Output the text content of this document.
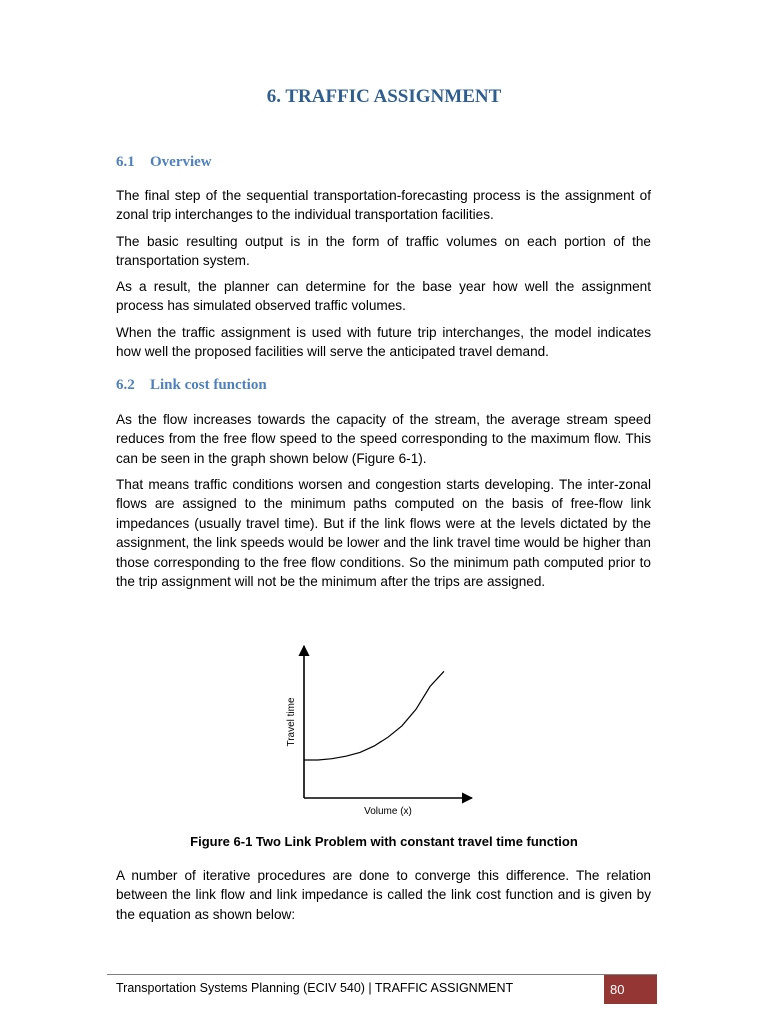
6. TRAFFIC ASSIGNMENT
6.1 Overview

The final step of the sequential transportation-forecasting process is the assignment of zonal trip interchanges to the individual transportation facilities.

The basic resulting output is in the form of traffic volumes on each portion of the transportation system.

As a result, the planner can determine for the base year how well the assignment process has simulated observed traffic volumes.

When the traffic assignment is used with future trip interchanges, the model indicates how well the proposed facilities will serve the anticipated travel demand.

6.2 Link cost function

As the flow increases towards the capacity of the stream, the average stream speed reduces from the free flow speed to the speed corresponding to the maximum flow. This can be seen in the graph shown below (Figure 6-1).

That means traffic conditions worsen and congestion starts developing. The inter-zonal flows are assigned to the minimum paths computed on the basis of free-flow link impedances (usually travel time). But if the link flows were at the levels dictated by the assignment, the link speeds would be lower and the link travel time would be higher than those corresponding to the free flow conditions. So the minimum path computed prior to the trip assignment will not be the minimum after the trips are assigned.

Travel time
Volume (x)

Figure 6-1 Two Link Problem with constant travel time function

A number of iterative procedures are done to converge this difference. The relation between the link flow and link impedance is called the link cost function and is given by the equation as shown below:

Transportation Systems Planning (ECIV 540) | TRAFFIC ASSIGNMENT	80
